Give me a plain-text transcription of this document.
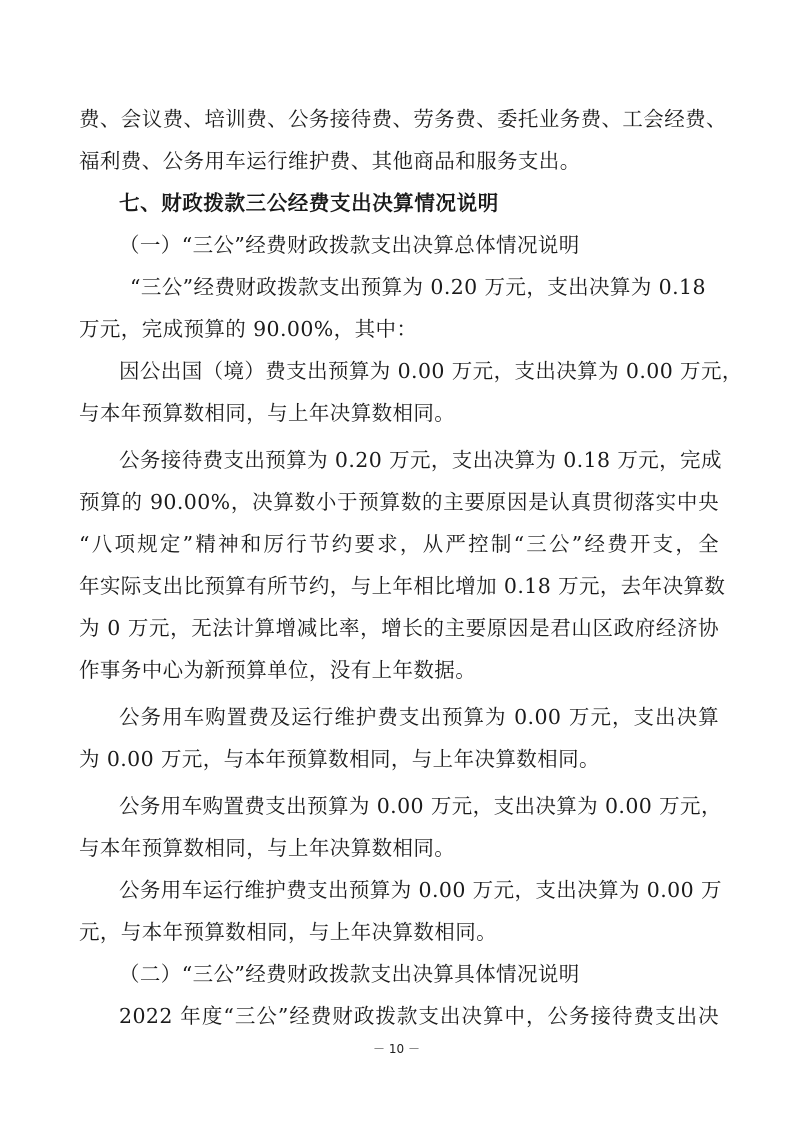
费、会议费、培训费、公务接待费、劳务费、委托业务费、工会经费、
福利费、公务用车运行维护费、其他商品和服务支出。
七、财政拨款三公经费支出决算情况说明
（一）“三公”经费财政拨款支出决算总体情况说明
“三公”经费财政拨款支出预算为 0.20 万元，支出决算为 0.18
万元，完成预算的 90.00%，其中：
因公出国（境）费支出预算为 0.00 万元，支出决算为 0.00 万元，
与本年预算数相同，与上年决算数相同。
公务接待费支出预算为 0.20 万元，支出决算为 0.18 万元，完成
预算的 90.00%，决算数小于预算数的主要原因是认真贯彻落实中央
“八项规定”精神和厉行节约要求，从严控制“三公”经费开支，全
年实际支出比预算有所节约，与上年相比增加 0.18 万元，去年决算数
为 0 万元，无法计算增减比率，增长的主要原因是君山区政府经济协
作事务中心为新预算单位，没有上年数据。
公务用车购置费及运行维护费支出预算为 0.00 万元，支出决算
为 0.00 万元，与本年预算数相同，与上年决算数相同。
公务用车购置费支出预算为 0.00 万元，支出决算为 0.00 万元，
与本年预算数相同，与上年决算数相同。
公务用车运行维护费支出预算为 0.00 万元，支出决算为 0.00 万
元，与本年预算数相同，与上年决算数相同。
（二）“三公”经费财政拨款支出决算具体情况说明
2022 年度“三公”经费财政拨款支出决算中，公务接待费支出决
－ 10 －
